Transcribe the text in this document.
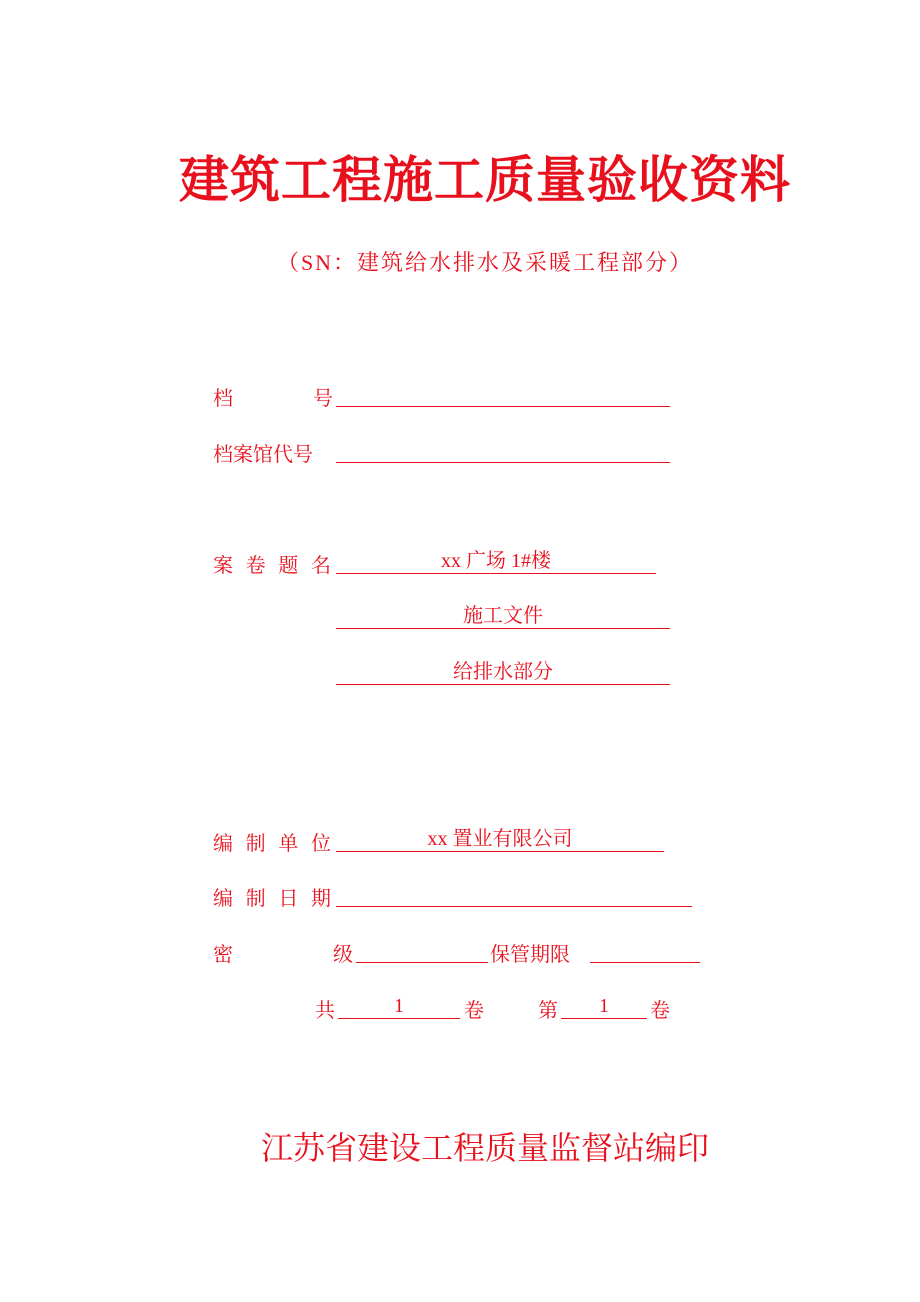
建筑工程施工质量验收资料
（SN：建筑给水排水及采暖工程部分）
档	号
档案馆代号
案 卷 题 名	xx 广场 1#楼
施工文件
给排水部分
编 制 单 位	xx 置业有限公司
编 制 日 期
密	级	保管期限
共	1	卷	第	1	卷
江苏省建设工程质量监督站编印
